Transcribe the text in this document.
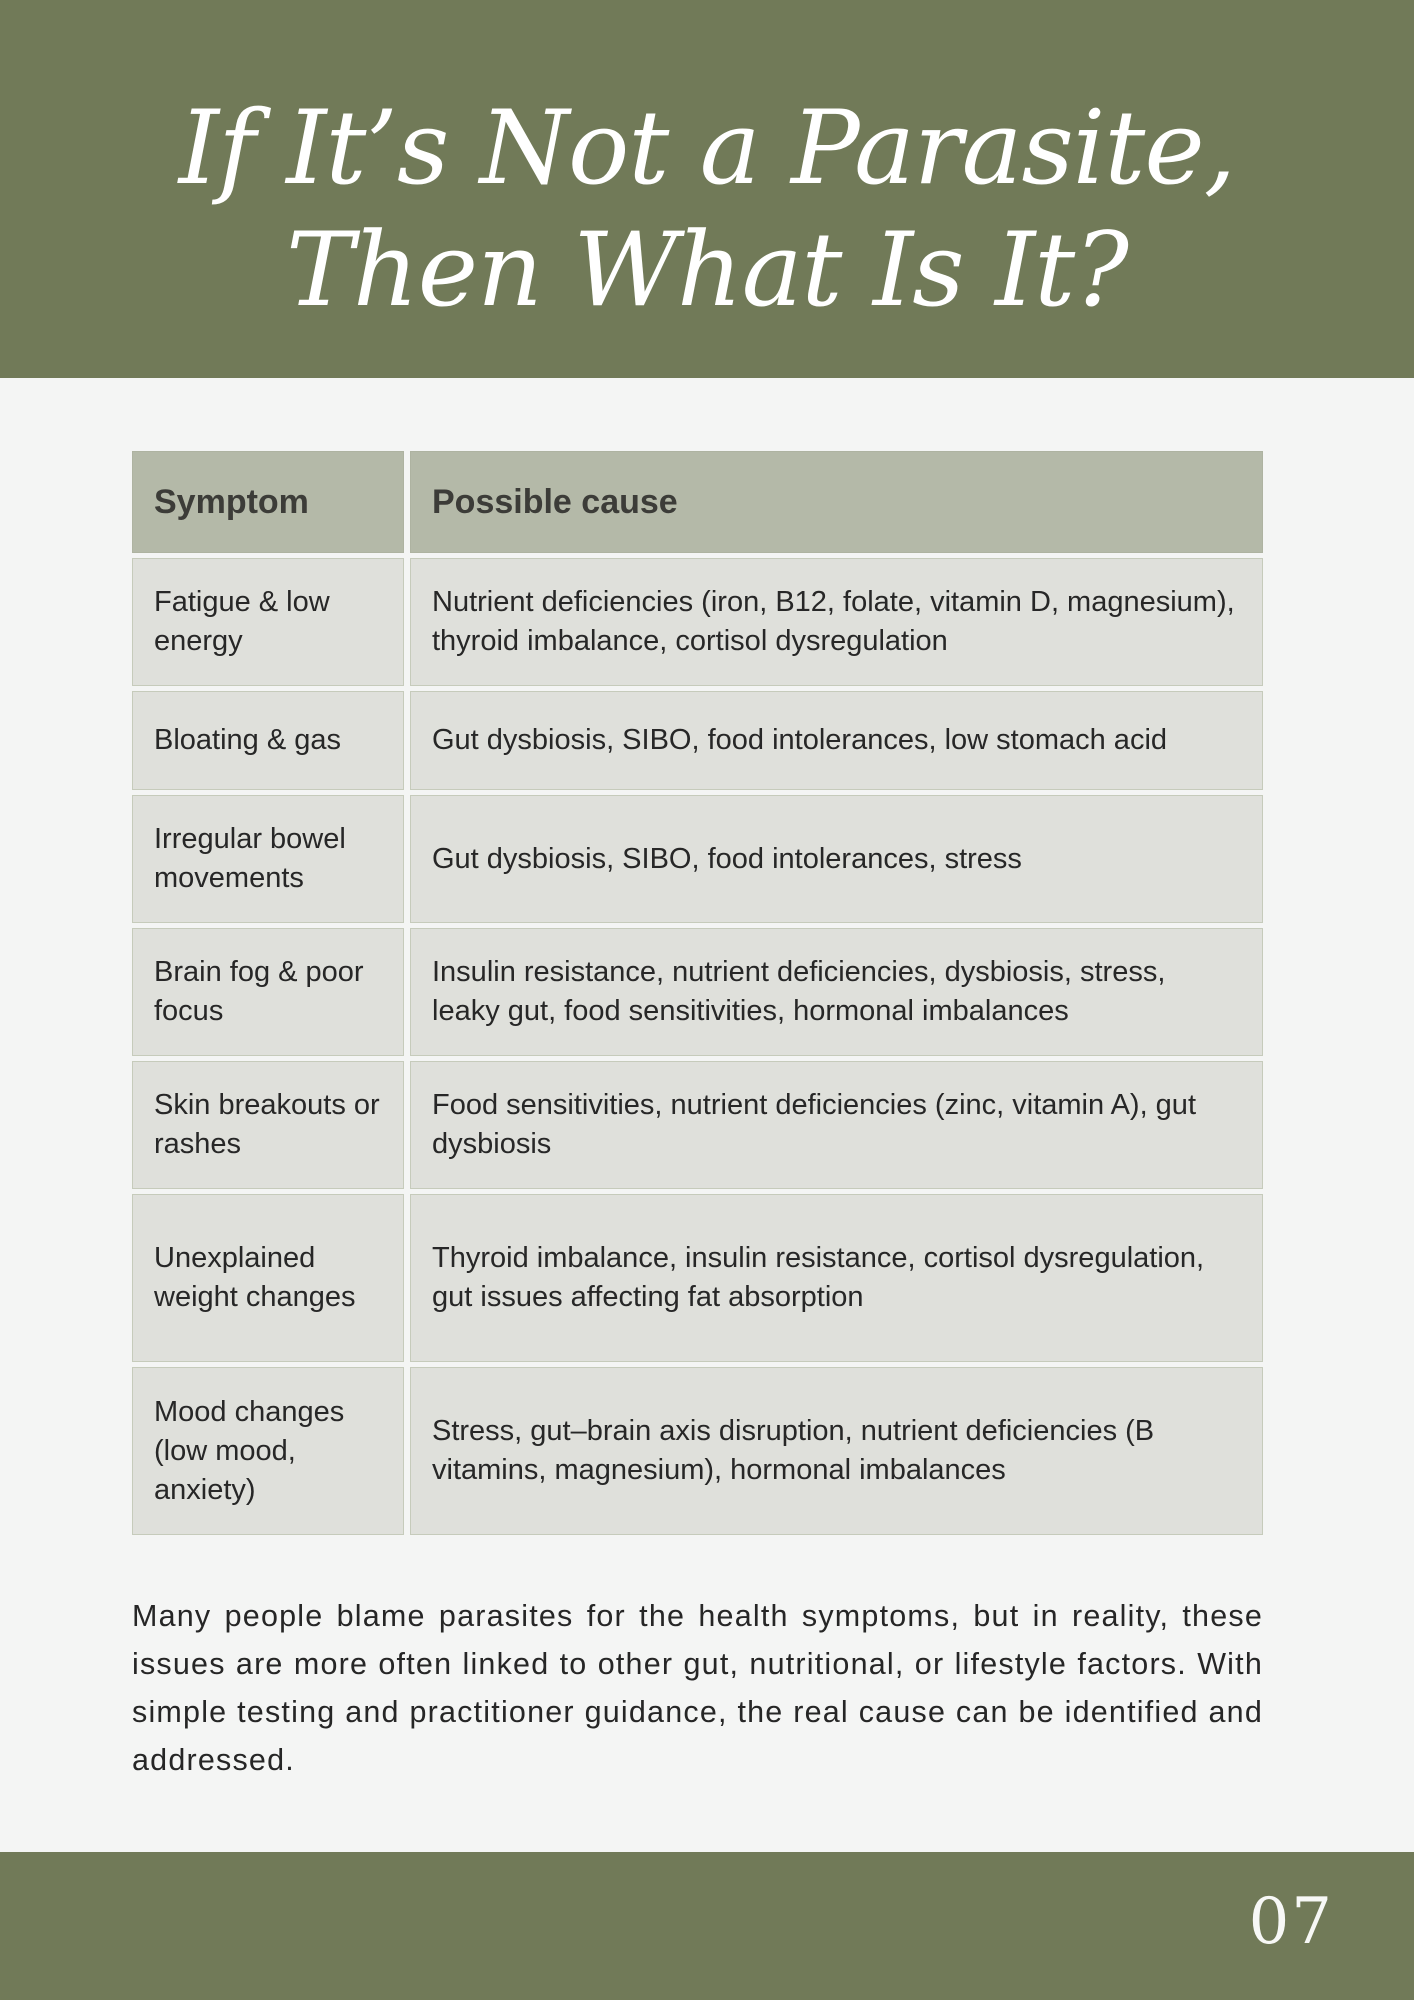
If It’s Not a Parasite,
Then What Is It?
Symptom	Possible cause
Fatigue & low energy
Nutrient deficiencies (iron, B12, folate, vitamin D, magnesium), thyroid imbalance, cortisol dysregulation
Bloating & gas	Gut dysbiosis, SIBO, food intolerances, low stomach acid
Irregular bowel movements
Gut dysbiosis, SIBO, food intolerances, stress
Brain fog & poor focus
Insulin resistance, nutrient deficiencies, dysbiosis, stress, leaky gut, food sensitivities, hormonal imbalances
Skin breakouts or rashes
Food sensitivities, nutrient deficiencies (zinc, vitamin A), gut dysbiosis
Unexplained weight changes
Thyroid imbalance, insulin resistance, cortisol dysregulation, gut issues affecting fat absorption
Mood changes (low mood, anxiety)
Stress, gut–brain axis disruption, nutrient deficiencies (B vitamins, magnesium), hormonal imbalances

Many people blame parasites for the health symptoms, but in reality, these issues are more often linked to other gut, nutritional, or lifestyle factors. With simple testing and practitioner guidance, the real cause can be identified and addressed.

07
